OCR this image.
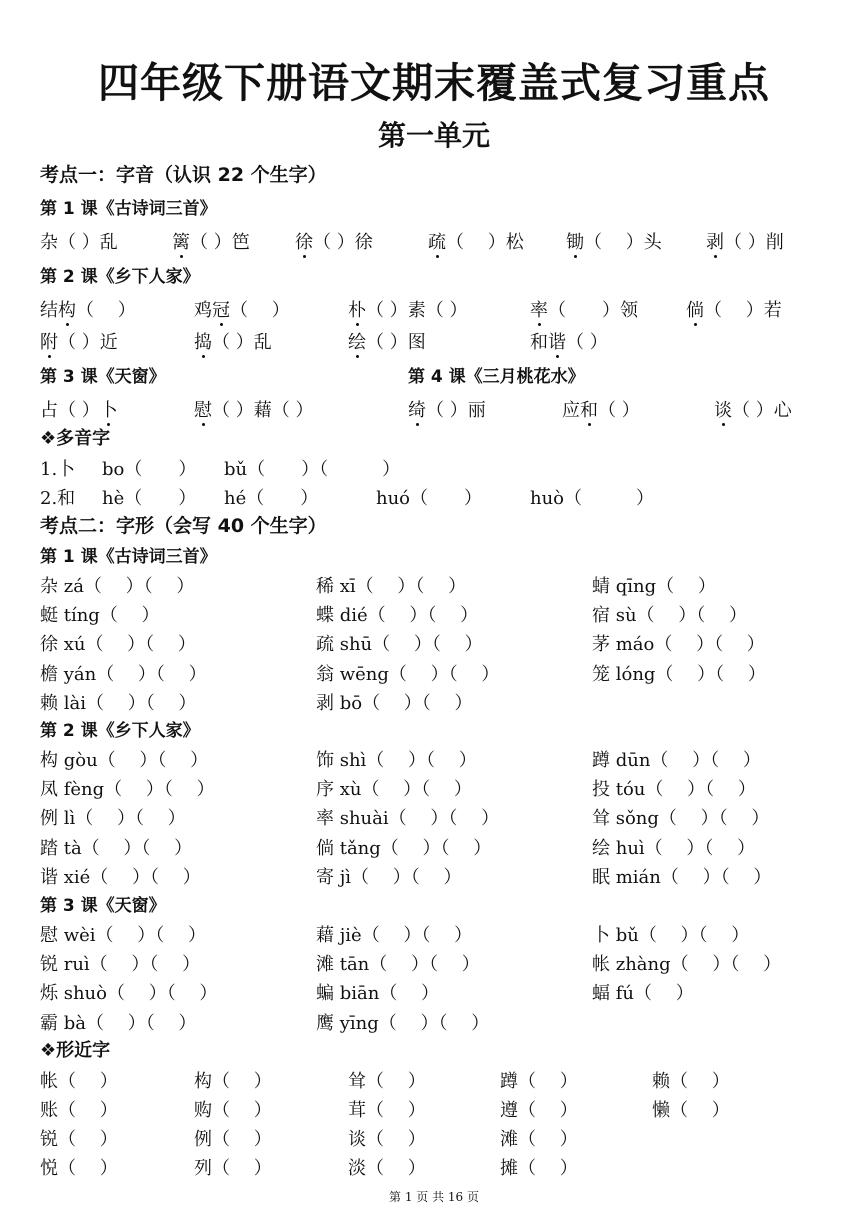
四年级下册语文期末覆盖式复习重点
第一单元
考点一：字音（认识 22 个生字）
第 1 课《古诗词三首》
杂（ ）乱	篱（ ）笆	徐（ ）徐	疏（　 ）松 锄（　 ）头 剥（ ）削
第 2 课《乡下人家》
结构（　 ）	鸡冠（　 ）	朴（ ）素（ ）	率（　　）领	倘（　 ）若
附（ ）近	捣（ ）乱	绘（ ）图	和谐（ ）
第 3 课《天窗》	第 4 课《三月桃花水》
占（ ）卜	慰（ ）藉（ ）	绮（ ）丽	应和（ ）	谈（ ）心
❖多音字
1.卜 bo（　　） bǔ（　　）（　　　）
2.和 hè（　　） hé（　　）	huó（　　）	huò（　　　）
考点二：字形（会写 40 个生字）
第 1 课《古诗词三首》
杂 zá（　 ）（　 ）	稀 xī（　 ）（　 ）	蜻 qīng（　 ）
蜓 tíng（　 ）	蝶 dié（　 ）（　 ）	宿 sù（　 ）（　 ）
徐 xú（　 ）（　 ）	疏 shū（　 ）（　 ）	茅 máo（　 ）（　 ）
檐 yán（　 ）（　 ）	翁 wēng（　 ）（　 ）	笼 lóng（　 ）（　 ）
赖 lài（　 ）（　 ）	剥 bō（　 ）（　 ）
第 2 课《乡下人家》
构 gòu（　 ）（　 ）	饰 shì（　 ）（　 ）	蹲 dūn（　 ）（　 ）
凤 fèng（　 ）（　 ）	序 xù（　 ）（　 ）	投 tóu（　 ）（　 ）
例 lì（　 ）（　 ）	率 shuài（　 ）（　 ）	耸 sǒng（　 ）（　 ）
踏 tà（　 ）（　 ）	倘 tǎng（　 ）（　 ）	绘 huì（　 ）（　 ）
谐 xié（　 ）（　 ）	寄 jì（　 ）（　 ）	眠 mián（　 ）（　 ）
第 3 课《天窗》
慰 wèi（　 ）（　 ）	藉 jiè（　 ）（　 ）	卜 bǔ（　 ）（　 ）
锐 ruì（　 ）（　 ）	滩 tān（　 ）（　 ）	帐 zhàng（　 ）（　 ）
烁 shuò（　 ）（　 ）	蝙 biān（　 ）	蝠 fú（　 ）
霸 bà（　 ）（　 ）	鹰 yīng（　 ）（　 ）
❖形近字
帐（　 ）	构（　 ）	耸（　 ）	蹲（　 ）	赖（　 ）
账（　 ）	购（　 ）	茸（　 ）	遵（　 ）	懒（　 ）
锐（　 ）	例（　 ）	谈（　 ）	滩（　 ）
悦（　 ）	列（　 ）	淡（　 ）	摊（　 ）
第 1 页 共 16 页
